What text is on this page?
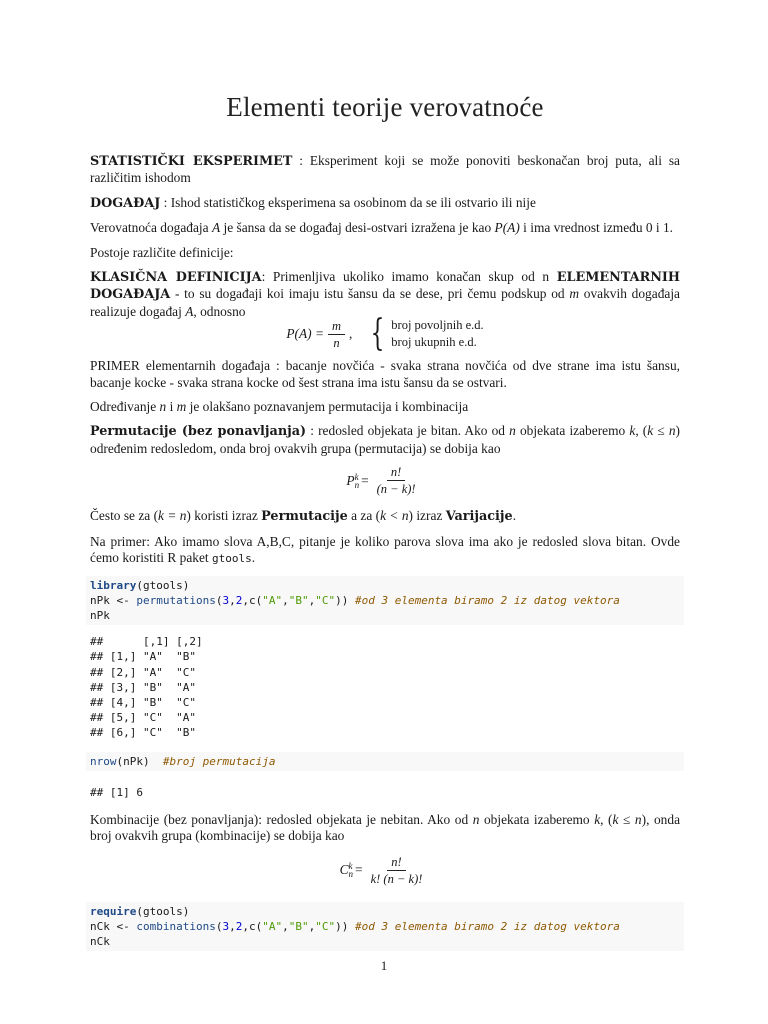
Elementi teorije verovatnoće

STATISTIČKI EKSPERIMET : Eksperiment koji se može ponoviti beskonačan broj puta, ali sa različitim ishodom

DOGAĐAJ : Ishod statističkog eksperimena sa osobinom da se ili ostvario ili nije

Verovatnoća događaja A je šansa da se događaj desi-ostvari izražena je kao P(A) i ima vrednost između 0 i 1.

Postoje različite definicije:

KLASIČNA DEFINICIJA: Primenljiva ukoliko imamo konačan skup od n ELEMENTARNIH DOGAĐAJA - to su događaji koi imaju istu šansu da se dese, pri čemu podskup od m ovakvih događaja realizuje događaj A, odnosno

$P(A) = \frac{m}{n}$ , { broj povoljnih e.d.
broj ukupnih e.d.

PRIMER elementarnih događaja : bacanje novčića - svaka strana novčića od dve strane ima istu šansu, bacanje kocke - svaka strana kocke od šest strana ima istu šansu da se ostvari.

Određivanje n i m je olakšano poznavanjem permutacija i kombinacija

Permutacije (bez ponavljanja) : redosled objekata je bitan. Ako od n objekata izaberemo k, (k ≤ n) određenim redosledom, onda broj ovakvih grupa (permutacija) se dobija kao

P k
$n = \frac{n!}{(n - k)!}$

Često se za (k = n) koristi izraz Permutacije a za (k < n) izraz Varijacije.

Na primer: Ako imamo slova A,B,C, pitanje je koliko parova slova ima ako je redosled slova bitan. Ovde ćemo koristiti R paket gtools.

library(gtools)
nPk <- permutations(3,2,c("A","B","C")) #od 3 elementa biramo 2 iz datog vektora
nPk
##      [,1] [,2]
## [1,] "A"  "B"
## [2,] "A"  "C"
## [3,] "B"  "A"
## [4,] "B"  "C"
## [5,] "C"  "A"
## [6,] "C"  "B"
nrow(nPk)  #broj permutacija
## [1] 6

Kombinacije (bez ponavljanja): redosled objekata je nebitan. Ako od n objekata izaberemo k, (k ≤ n), onda broj ovakvih grupa (kombinacije) se dobija kao

C k
$n = \frac{n!}{k! (n - k)!}$
require(gtools)
nCk <- combinations(3,2,c("A","B","C")) #od 3 elementa biramo 2 iz datog vektora
nCk
1
